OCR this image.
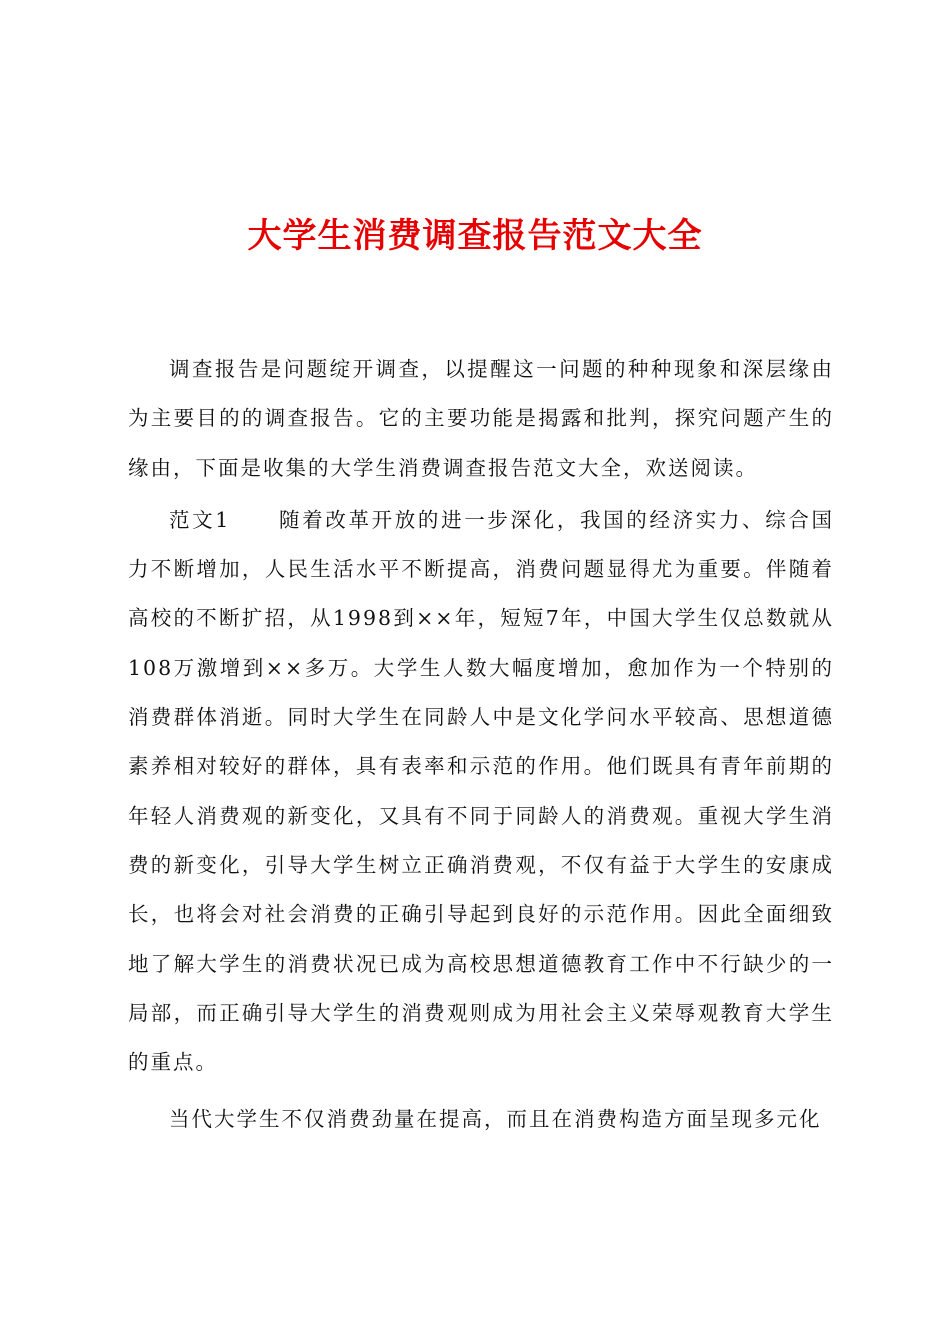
大学生消费调查报告范文大全

调查报告是问题绽开调查，以提醒这一问题的种种现象和深层缘由为主要目的的调查报告。它的主要功能是揭露和批判，探究问题产生的缘由，下面是收集的大学生消费调查报告范文大全，欢送阅读。

范文1 随着改革开放的进一步深化，我国的经济实力、综合国力不断增加，人民生活水平不断提高，消费问题显得尤为重要。伴随着高校的不断扩招，从1998到××年，短短7年，中国大学生仅总数就从108万激增到××多万。大学生人数大幅度增加，愈加作为一个特别的消费群体消逝。同时大学生在同龄人中是文化学问水平较高、思想道德素养相对较好的群体，具有表率和示范的作用。他们既具有青年前期的年轻人消费观的新变化，又具有不同于同龄人的消费观。重视大学生消费的新变化，引导大学生树立正确消费观，不仅有益于大学生的安康成长，也将会对社会消费的正确引导起到良好的示范作用。因此全面细致地了解大学生的消费状况已成为高校思想道德教育工作中不行缺少的一局部，而正确引导大学生的消费观则成为用社会主义荣辱观教育大学生的重点。

当代大学生不仅消费劲量在提高，而且在消费构造方面呈现多元化
